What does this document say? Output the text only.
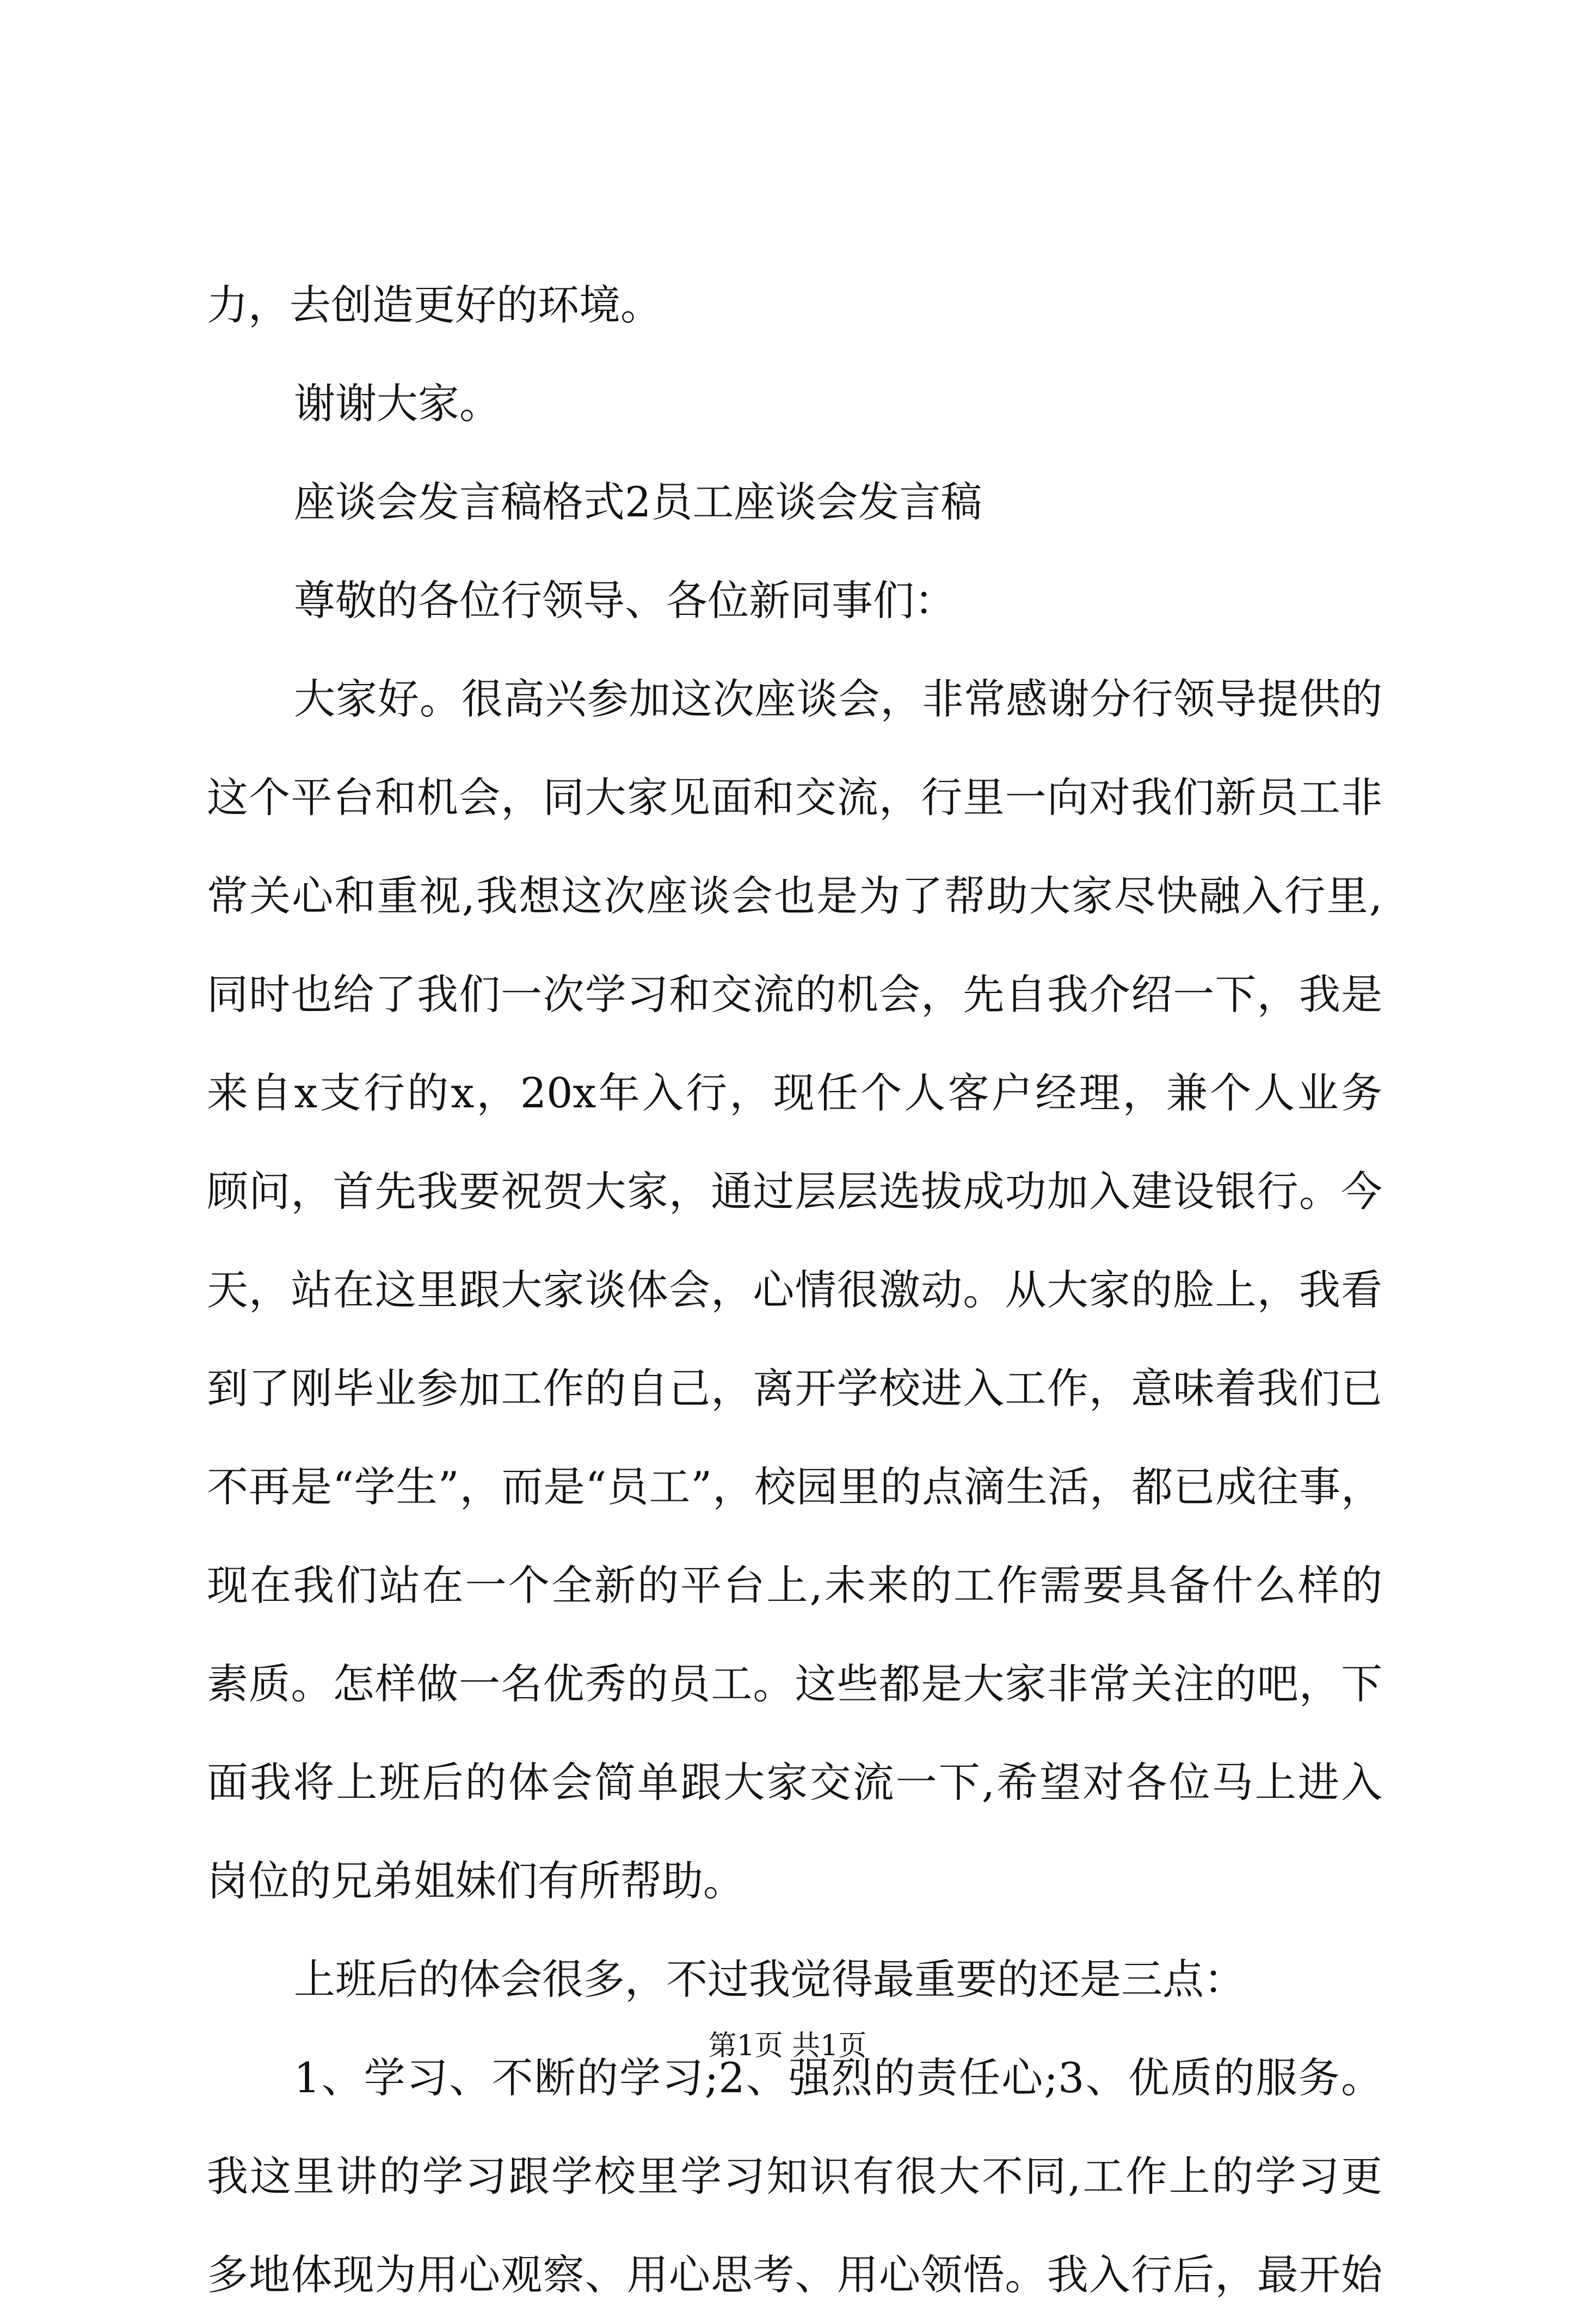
力，去创造更好的环境。
谢谢大家。
座谈会发言稿格式2员工座谈会发言稿
尊敬的各位行领导、各位新同事们：
大家好。很高兴参加这次座谈会，非常感谢分行领导提供的
这个平台和机会，同大家见面和交流，行里一向对我们新员工非
常关心和重视,我想这次座谈会也是为了帮助大家尽快融入行里,
同时也给了我们一次学习和交流的机会，先自我介绍一下，我是
来自x支行的x，20x年入行，现任个人客户经理，兼个人业务
顾问，首先我要祝贺大家，通过层层选拔成功加入建设银行。今
天，站在这里跟大家谈体会，心情很激动。从大家的脸上，我看
到了刚毕业参加工作的自己，离开学校进入工作，意味着我们已
不再是“学生”，而是“员工”，校园里的点滴生活，都已成往事，
现在我们站在一个全新的平台上,未来的工作需要具备什么样的
素质。怎样做一名优秀的员工。这些都是大家非常关注的吧，下
面我将上班后的体会简单跟大家交流一下,希望对各位马上进入
岗位的兄弟姐妹们有所帮助。
上班后的体会很多，不过我觉得最重要的还是三点：
1、学习、不断的学习;2、强烈的责任心;3、优质的服务。
我这里讲的学习跟学校里学习知识有很大不同,工作上的学习更
多地体现为用心观察、用心思考、用心领悟。我入行后，最开始
第1页 共1页
